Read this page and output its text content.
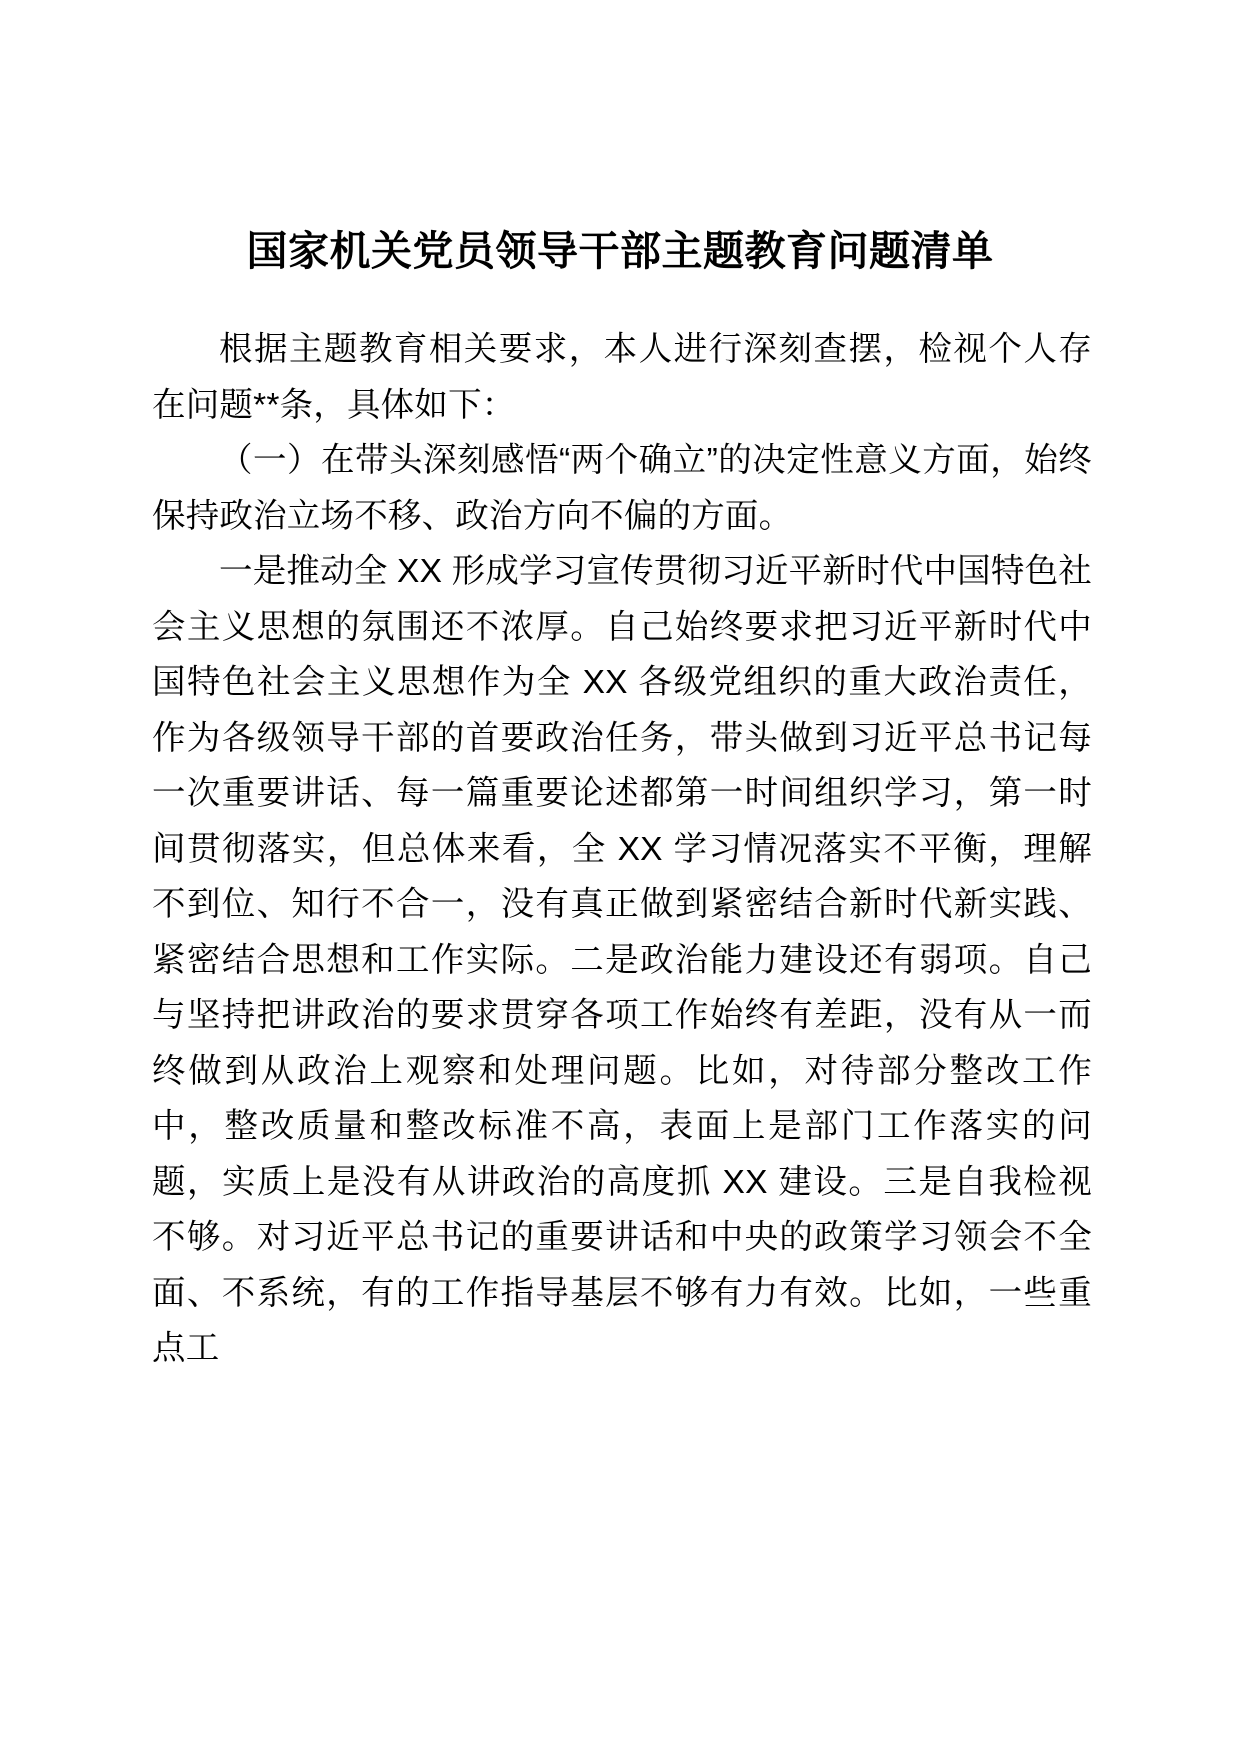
国家机关党员领导干部主题教育问题清单

根据主题教育相关要求，本人进行深刻查摆，检视个人存在问题**条，具体如下：

（一）在带头深刻感悟“两个确立”的决定性意义方面，始终保持政治立场不移、政治方向不偏的方面。

一是推动全 XX 形成学习宣传贯彻习近平新时代中国特色社会主义思想的氛围还不浓厚。自己始终要求把习近平新时代中国特色社会主义思想作为全 XX 各级党组织的重大政治责任，作为各级领导干部的首要政治任务，带头做到习近平总书记每一次重要讲话、每一篇重要论述都第一时间组织学习，第一时间贯彻落实，但总体来看，全 XX 学习情况落实不平衡，理解不到位、知行不合一，没有真正做到紧密结合新时代新实践、紧密结合思想和工作实际。二是政治能力建设还有弱项。自己与坚持把讲政治的要求贯穿各项工作始终有差距，没有从一而终做到从政治上观察和处理问题。比如，对待部分整改工作中，整改质量和整改标准不高，表面上是部门工作落实的问题，实质上是没有从讲政治的高度抓 XX 建设。三是自我检视不够。对习近平总书记的重要讲话和中央的政策学习领会不全面、不系统，有的工作指导基层不够有力有效。比如，一些重点工
